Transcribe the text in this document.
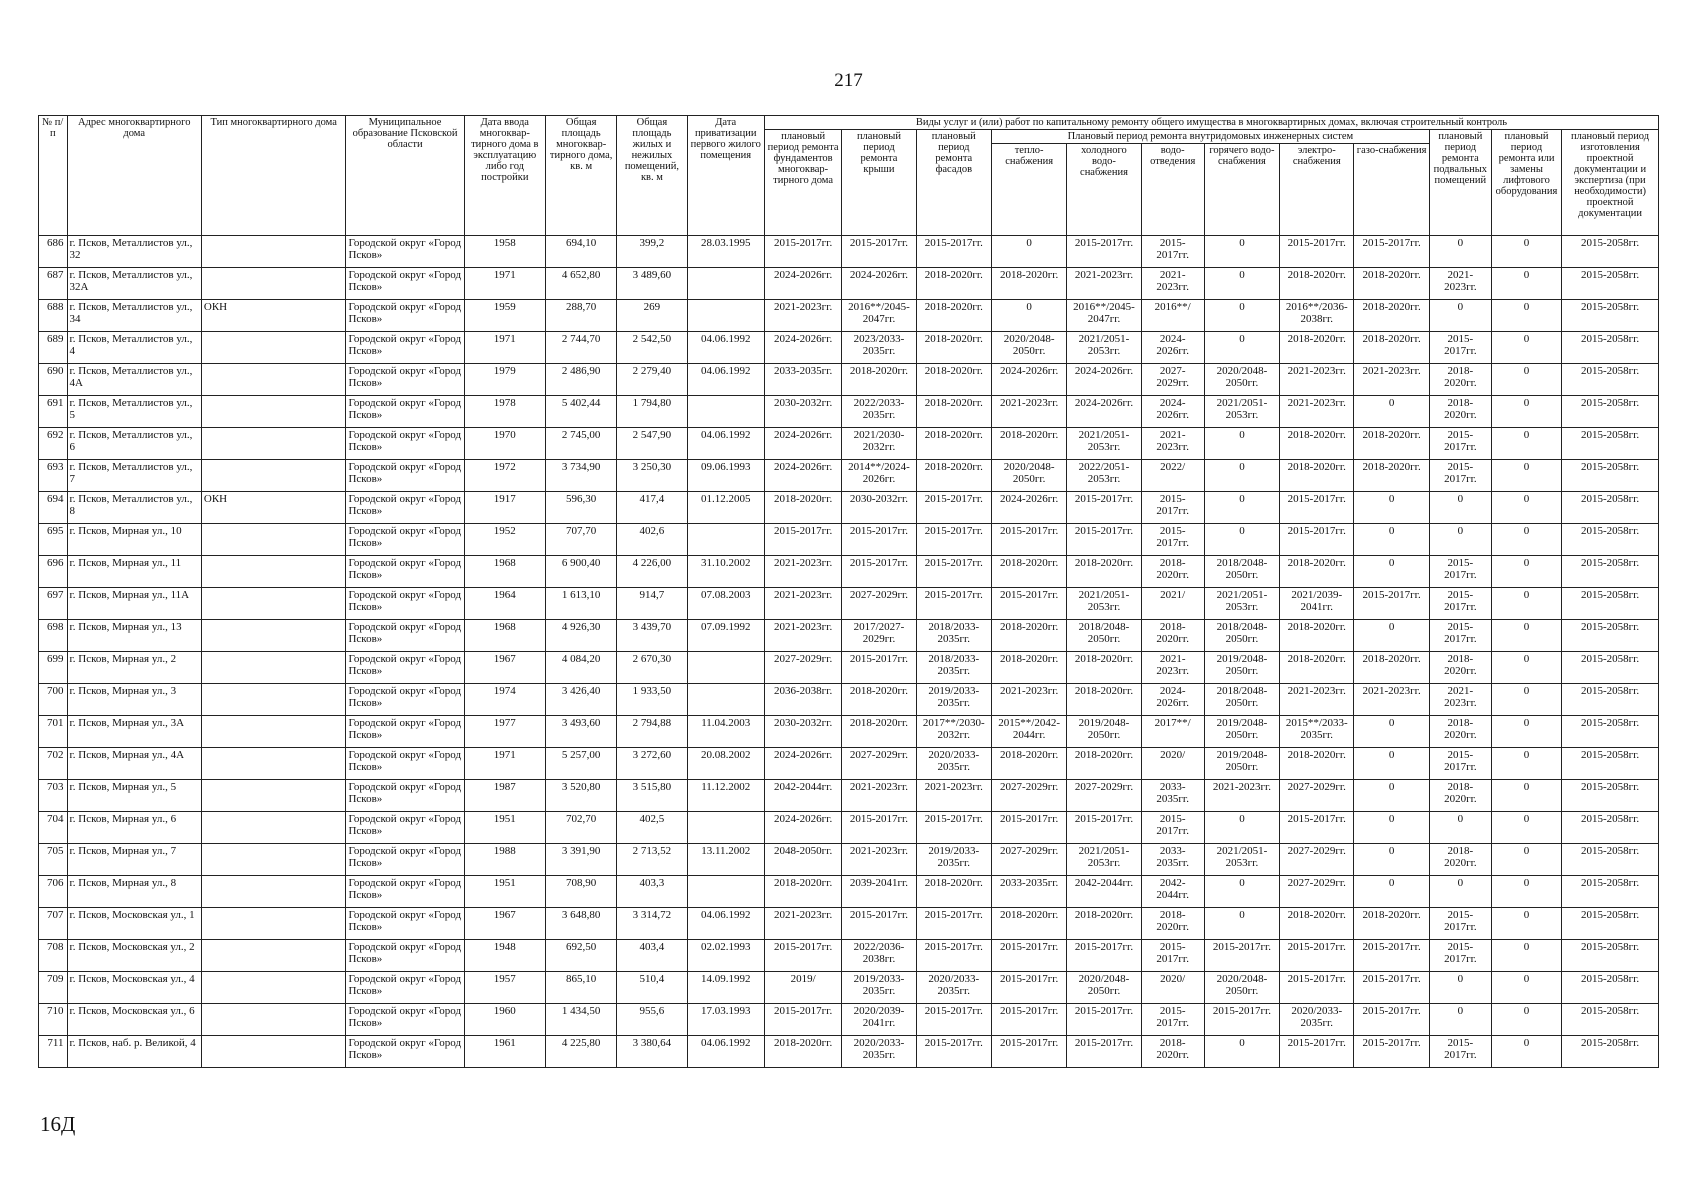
217
№ п/п	Адрес многоквартирного дома	Тип многоквартирного дома	Муниципальное образование Псковской области	Дата ввода многоквар-тирного дома в эксплуатацию либо год постройки	Общая площадь многоквар-тирного дома, кв. м	Общая площадь жилых и нежилых помещений, кв. м	Дата приватизации первого жилого помещения	Виды услуг и (или) работ по капитальному ремонту общего имущества в многоквартирных домах, включая строительный контроль											
								плановый период ремонта фундаментов многоквар-тирного дома	плановый период ремонта крыши	плановый период ремонта фасадов	Плановый период ремонта внутридомовых инженерных систем						плановый период ремонта подвальных помещений	плановый период ремонта или замены лифтового оборудования	плановый период изготовления проектной документации и экспертиза (при необходимости) проектной документации
											тепло-снабжения	холодного водо-снабжения	водо-отведения	горячего водо-снабжения	электро-снабжения	газо-снабжения			
686	г. Псков, Металлистов ул., 32		Городской округ «Город Псков»	1958	694,10	399,2	28.03.1995	2015-2017гг.	2015-2017гг.	2015-2017гг.	0	2015-2017гг.	2015-2017гг.	0	2015-2017гг.	2015-2017гг.	0	0	2015-2058гг.
687	г. Псков, Металлистов ул., 32А		Городской округ «Город Псков»	1971	4 652,80	3 489,60		2024-2026гг.	2024-2026гг.	2018-2020гг.	2018-2020гг.	2021-2023гг.	2021-2023гг.	0	2018-2020гг.	2018-2020гг.	2021-2023гг.	0	2015-2058гг.
688	г. Псков, Металлистов ул., 34	ОКН	Городской округ «Город Псков»	1959	288,70	269		2021-2023гг.	2016**/2045-2047гг.	2018-2020гг.	0	2016**/2045-2047гг.	2016**/	0	2016**/2036-2038гг.	2018-2020гг.	0	0	2015-2058гг.
689	г. Псков, Металлистов ул., 4		Городской округ «Город Псков»	1971	2 744,70	2 542,50	04.06.1992	2024-2026гг.	2023/2033-2035гг.	2018-2020гг.	2020/2048-2050гг.	2021/2051-2053гг.	2024-2026гг.	0	2018-2020гг.	2018-2020гг.	2015-2017гг.	0	2015-2058гг.
690	г. Псков, Металлистов ул., 4А		Городской округ «Город Псков»	1979	2 486,90	2 279,40	04.06.1992	2033-2035гг.	2018-2020гг.	2018-2020гг.	2024-2026гг.	2024-2026гг.	2027-2029гг.	2020/2048-2050гг.	2021-2023гг.	2021-2023гг.	2018-2020гг.	0	2015-2058гг.
691	г. Псков, Металлистов ул., 5		Городской округ «Город Псков»	1978	5 402,44	1 794,80		2030-2032гг.	2022/2033-2035гг.	2018-2020гг.	2021-2023гг.	2024-2026гг.	2024-2026гг.	2021/2051-2053гг.	2021-2023гг.	0	2018-2020гг.	0	2015-2058гг.
692	г. Псков, Металлистов ул., 6		Городской округ «Город Псков»	1970	2 745,00	2 547,90	04.06.1992	2024-2026гг.	2021/2030-2032гг.	2018-2020гг.	2018-2020гг.	2021/2051-2053гг.	2021-2023гг.	0	2018-2020гг.	2018-2020гг.	2015-2017гг.	0	2015-2058гг.
693	г. Псков, Металлистов ул., 7		Городской округ «Город Псков»	1972	3 734,90	3 250,30	09.06.1993	2024-2026гг.	2014**/2024-2026гг.	2018-2020гг.	2020/2048-2050гг.	2022/2051-2053гг.	2022/	0	2018-2020гг.	2018-2020гг.	2015-2017гг.	0	2015-2058гг.
694	г. Псков, Металлистов ул., 8	ОКН	Городской округ «Город Псков»	1917	596,30	417,4	01.12.2005	2018-2020гг.	2030-2032гг.	2015-2017гг.	2024-2026гг.	2015-2017гг.	2015-2017гг.	0	2015-2017гг.	0	0	0	2015-2058гг.
695	г. Псков, Мирная ул., 10		Городской округ «Город Псков»	1952	707,70	402,6		2015-2017гг.	2015-2017гг.	2015-2017гг.	2015-2017гг.	2015-2017гг.	2015-2017гг.	0	2015-2017гг.	0	0	0	2015-2058гг.
696	г. Псков, Мирная ул., 11		Городской округ «Город Псков»	1968	6 900,40	4 226,00	31.10.2002	2021-2023гг.	2015-2017гг.	2015-2017гг.	2018-2020гг.	2018-2020гг.	2018-2020гг.	2018/2048-2050гг.	2018-2020гг.	0	2015-2017гг.	0	2015-2058гг.
697	г. Псков, Мирная ул., 11А		Городской округ «Город Псков»	1964	1 613,10	914,7	07.08.2003	2021-2023гг.	2027-2029гг.	2015-2017гг.	2015-2017гг.	2021/2051-2053гг.	2021/	2021/2051-2053гг.	2021/2039-2041гг.	2015-2017гг.	2015-2017гг.	0	2015-2058гг.
698	г. Псков, Мирная ул., 13		Городской округ «Город Псков»	1968	4 926,30	3 439,70	07.09.1992	2021-2023гг.	2017/2027-2029гг.	2018/2033-2035гг.	2018-2020гг.	2018/2048-2050гг.	2018-2020гг.	2018/2048-2050гг.	2018-2020гг.	0	2015-2017гг.	0	2015-2058гг.
699	г. Псков, Мирная ул., 2		Городской округ «Город Псков»	1967	4 084,20	2 670,30		2027-2029гг.	2015-2017гг.	2018/2033-2035гг.	2018-2020гг.	2018-2020гг.	2021-2023гг.	2019/2048-2050гг.	2018-2020гг.	2018-2020гг.	2018-2020гг.	0	2015-2058гг.
700	г. Псков, Мирная ул., 3		Городской округ «Город Псков»	1974	3 426,40	1 933,50		2036-2038гг.	2018-2020гг.	2019/2033-2035гг.	2021-2023гг.	2018-2020гг.	2024-2026гг.	2018/2048-2050гг.	2021-2023гг.	2021-2023гг.	2021-2023гг.	0	2015-2058гг.
701	г. Псков, Мирная ул., 3А		Городской округ «Город Псков»	1977	3 493,60	2 794,88	11.04.2003	2030-2032гг.	2018-2020гг.	2017**/2030-2032гг.	2015**/2042-2044гг.	2019/2048-2050гг.	2017**/	2019/2048-2050гг.	2015**/2033-2035гг.	0	2018-2020гг.	0	2015-2058гг.
702	г. Псков, Мирная ул., 4А		Городской округ «Город Псков»	1971	5 257,00	3 272,60	20.08.2002	2024-2026гг.	2027-2029гг.	2020/2033-2035гг.	2018-2020гг.	2018-2020гг.	2020/	2019/2048-2050гг.	2018-2020гг.	0	2015-2017гг.	0	2015-2058гг.
703	г. Псков, Мирная ул., 5		Городской округ «Город Псков»	1987	3 520,80	3 515,80	11.12.2002	2042-2044гг.	2021-2023гг.	2021-2023гг.	2027-2029гг.	2027-2029гг.	2033-2035гг.	2021-2023гг.	2027-2029гг.	0	2018-2020гг.	0	2015-2058гг.
704	г. Псков, Мирная ул., 6		Городской округ «Город Псков»	1951	702,70	402,5		2024-2026гг.	2015-2017гг.	2015-2017гг.	2015-2017гг.	2015-2017гг.	2015-2017гг.	0	2015-2017гг.	0	0	0	2015-2058гг.
705	г. Псков, Мирная ул., 7		Городской округ «Город Псков»	1988	3 391,90	2 713,52	13.11.2002	2048-2050гг.	2021-2023гг.	2019/2033-2035гг.	2027-2029гг.	2021/2051-2053гг.	2033-2035гг.	2021/2051-2053гг.	2027-2029гг.	0	2018-2020гг.	0	2015-2058гг.
706	г. Псков, Мирная ул., 8		Городской округ «Город Псков»	1951	708,90	403,3		2018-2020гг.	2039-2041гг.	2018-2020гг.	2033-2035гг.	2042-2044гг.	2042-2044гг.	0	2027-2029гг.	0	0	0	2015-2058гг.
707	г. Псков, Московская ул., 1		Городской округ «Город Псков»	1967	3 648,80	3 314,72	04.06.1992	2021-2023гг.	2015-2017гг.	2015-2017гг.	2018-2020гг.	2018-2020гг.	2018-2020гг.	0	2018-2020гг.	2018-2020гг.	2015-2017гг.	0	2015-2058гг.
708	г. Псков, Московская ул., 2		Городской округ «Город Псков»	1948	692,50	403,4	02.02.1993	2015-2017гг.	2022/2036-2038гг.	2015-2017гг.	2015-2017гг.	2015-2017гг.	2015-2017гг.	2015-2017гг.	2015-2017гг.	2015-2017гг.	2015-2017гг.	0	2015-2058гг.
709	г. Псков, Московская ул., 4		Городской округ «Город Псков»	1957	865,10	510,4	14.09.1992	2019/	2019/2033-2035гг.	2020/2033-2035гг.	2015-2017гг.	2020/2048-2050гг.	2020/	2020/2048-2050гг.	2015-2017гг.	2015-2017гг.	0	0	2015-2058гг.
710	г. Псков, Московская ул., 6		Городской округ «Город Псков»	1960	1 434,50	955,6	17.03.1993	2015-2017гг.	2020/2039-2041гг.	2015-2017гг.	2015-2017гг.	2015-2017гг.	2015-2017гг.	2015-2017гг.	2020/2033-2035гг.	2015-2017гг.	0	0	2015-2058гг.
711	г. Псков, наб. р. Великой, 4		Городской округ «Город Псков»	1961	4 225,80	3 380,64	04.06.1992	2018-2020гг.	2020/2033-2035гг.	2015-2017гг.	2015-2017гг.	2015-2017гг.	2018-2020гг.	0	2015-2017гг.	2015-2017гг.	2015-2017гг.	0	2015-2058гг.
16Д
